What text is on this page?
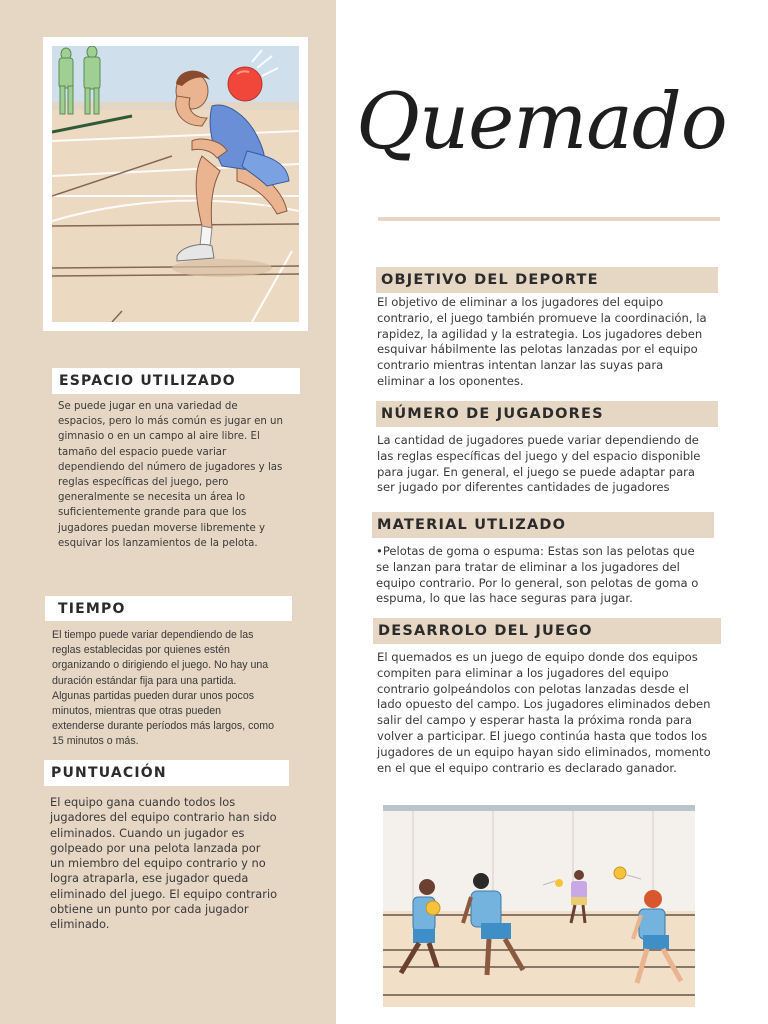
ESPACIO UTILIZADO

Se puede jugar en una variedad de espacios, pero lo más común es jugar en un gimnasio o en un campo al aire libre. El tamaño del espacio puede variar dependiendo del número de jugadores y las reglas específicas del juego, pero generalmente se necesita un área lo suficientemente grande para que los jugadores puedan moverse libremente y esquivar los lanzamientos de la pelota.

TIEMPO

El tiempo puede variar dependiendo de las reglas establecidas por quienes estén organizando o dirigiendo el juego. No hay una duración estándar fija para una partida. Algunas partidas pueden durar unos pocos minutos, mientras que otras pueden extenderse durante períodos más largos, como 15 minutos o más.

PUNTUACIÓN

El equipo gana cuando todos los jugadores del equipo contrario han sido eliminados. Cuando un jugador es golpeado por una pelota lanzada por un miembro del equipo contrario y no logra atraparla, ese jugador queda eliminado del juego. El equipo contrario obtiene un punto por cada jugador eliminado.

Quemado
OBJETIVO DEL DEPORTE

El objetivo de eliminar a los jugadores del equipo contrario, el juego también promueve la coordinación, la rapidez, la agilidad y la estrategia. Los jugadores deben esquivar hábilmente las pelotas lanzadas por el equipo contrario mientras intentan lanzar las suyas para eliminar a los oponentes.

NÚMERO DE JUGADORES

La cantidad de jugadores puede variar dependiendo de las reglas específicas del juego y del espacio disponible para jugar. En general, el juego se puede adaptar para ser jugado por diferentes cantidades de jugadores

MATERIAL UTLIZADO

•Pelotas de goma o espuma: Estas son las pelotas que se lanzan para tratar de eliminar a los jugadores del equipo contrario. Por lo general, son pelotas de goma o espuma, lo que las hace seguras para jugar.

DESARROLO DEL JUEGO

El quemados es un juego de equipo donde dos equipos compiten para eliminar a los jugadores del equipo contrario golpeándolos con pelotas lanzadas desde el lado opuesto del campo. Los jugadores eliminados deben salir del campo y esperar hasta la próxima ronda para volver a participar. El juego continúa hasta que todos los jugadores de un equipo hayan sido eliminados, momento en el que el equipo contrario es declarado ganador.
